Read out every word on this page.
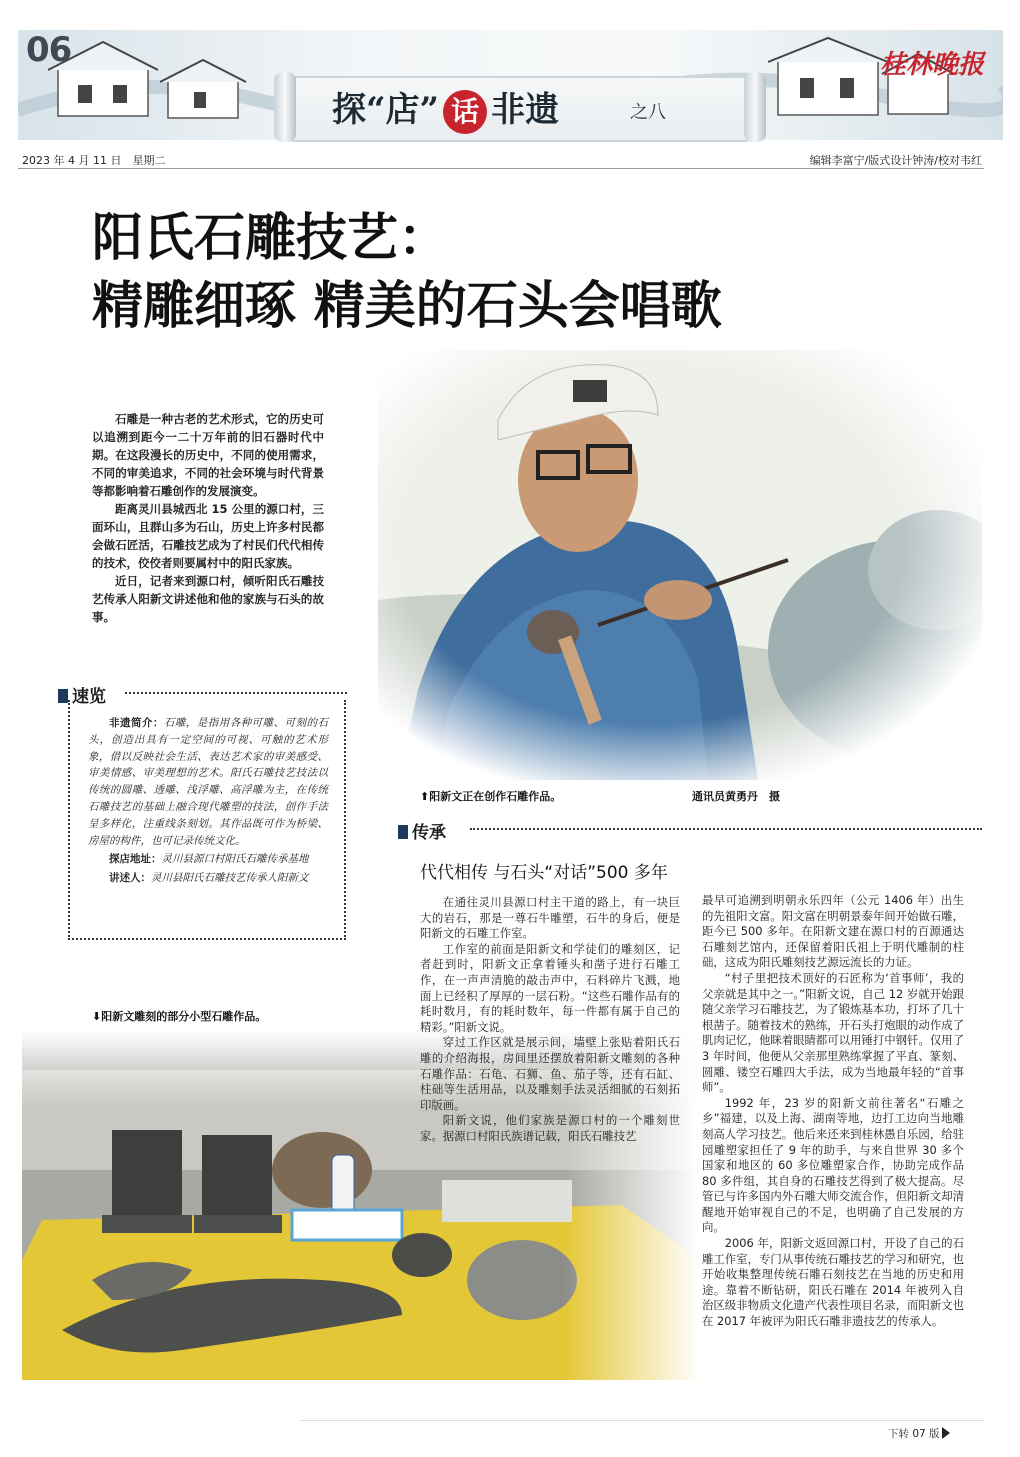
06
探“店” 话 非遗	之八
桂林晚报
2023 年 4 月 11 日　星期二	编辑李富宁/版式设计钟涛/校对韦红
阳氏石雕技艺：
精雕细琢 精美的石头会唱歌

石雕是一种古老的艺术形式，它的历史可以追溯到距今一二十万年前的旧石器时代中期。在这段漫长的历史中，不同的使用需求，不同的审美追求，不同的社会环境与时代背景等都影响着石雕创作的发展演变。

距离灵川县城西北 15 公里的源口村，三面环山，且群山多为石山，历史上许多村民都会做石匠活，石雕技艺成为了村民们代代相传的技术，佼佼者则要属村中的阳氏家族。

近日，记者来到源口村，倾听阳氏石雕技艺传承人阳新文讲述他和他的家族与石头的故事。

速览

非遗简介：石雕，是指用各种可雕、可刻的石头，创造出具有一定空间的可视、可触的艺术形象，借以反映社会生活、表达艺术家的审美感受、审美情感、审美理想的艺术。阳氏石雕技艺技法以传统的圆雕、透雕、浅浮雕、高浮雕为主，在传统石雕技艺的基础上融合现代雕塑的技法，创作手法呈多样化，注重线条刻划。其作品既可作为桥梁、房屋的构件，也可记录传统文化。

探店地址：灵川县源口村阳氏石雕传承基地

讲述人：灵川县阳氏石雕技艺传承人阳新文

⬆阳新文正在创作石雕作品。	通讯员黄勇丹　摄
⬇阳新文雕刻的部分小型石雕作品。
传承
代代相传 与石头“对话”500 多年

在通往灵川县源口村主干道的路上，有一块巨大的岩石，那是一尊石牛雕塑，石牛的身后，便是阳新文的石雕工作室。

工作室的前面是阳新文和学徒们的雕刻区，记者赶到时，阳新文正拿着锤头和凿子进行石雕工作，在一声声清脆的敲击声中，石料碎片飞溅，地面上已经积了厚厚的一层石粉。“这些石雕作品有的耗时数月，有的耗时数年，每一件都有属于自己的精彩。”阳新文说。

穿过工作区就是展示间，墙壁上张贴着阳氏石雕的介绍海报，房间里还摆放着阳新文雕刻的各种石雕作品：石龟、石狮、鱼、茄子等，还有石缸、柱础等生活用品，以及雕刻手法灵活细腻的石刻拓印版画。

阳新文说，他们家族是源口村的一个雕刻世家。据源口村阳氏族谱记载，阳氏石雕技艺

最早可追溯到明朝永乐四年（公元 1406 年）出生的先祖阳文富。阳文富在明朝景泰年间开始做石雕，距今已 500 多年。在阳新文建在源口村的百源通达石雕刻艺馆内，还保留着阳氏祖上于明代雕制的柱础，这成为阳氏雕刻技艺源远流长的力证。

“村子里把技术顶好的石匠称为‘首事师’，我的父亲就是其中之一。”阳新文说，自己 12 岁就开始跟随父亲学习石雕技艺，为了锻炼基本功，打坏了几十根凿子。随着技术的熟练，开石头打炮眼的动作成了肌肉记忆，他眯着眼睛都可以用锤打中钢钎。仅用了 3 年时间，他便从父亲那里熟练掌握了平直、篆刻、圆雕、镂空石雕四大手法，成为当地最年轻的“首事师”。

1992 年，23 岁的阳新文前往著名“石雕之乡”福建，以及上海、湖南等地，边打工边向当地雕刻高人学习技艺。他后来还来到桂林愚自乐园，给驻园雕塑家担任了 9 年的助手，与来自世界 30 多个国家和地区的 60 多位雕塑家合作，协助完成作品 80 多件组，其自身的石雕技艺得到了极大提高。尽管已与许多国内外石雕大师交流合作，但阳新文却清醒地开始审视自己的不足，也明确了自己发展的方向。

2006 年，阳新文返回源口村，开设了自己的石雕工作室，专门从事传统石雕技艺的学习和研究，也开始收集整理传统石雕石刻技艺在当地的历史和用途。靠着不断钻研，阳氏石雕在 2014 年被列入自治区级非物质文化遗产代表性项目名录，而阳新文也在 2017 年被评为阳氏石雕非遗技艺的传承人。

下转 07 版
